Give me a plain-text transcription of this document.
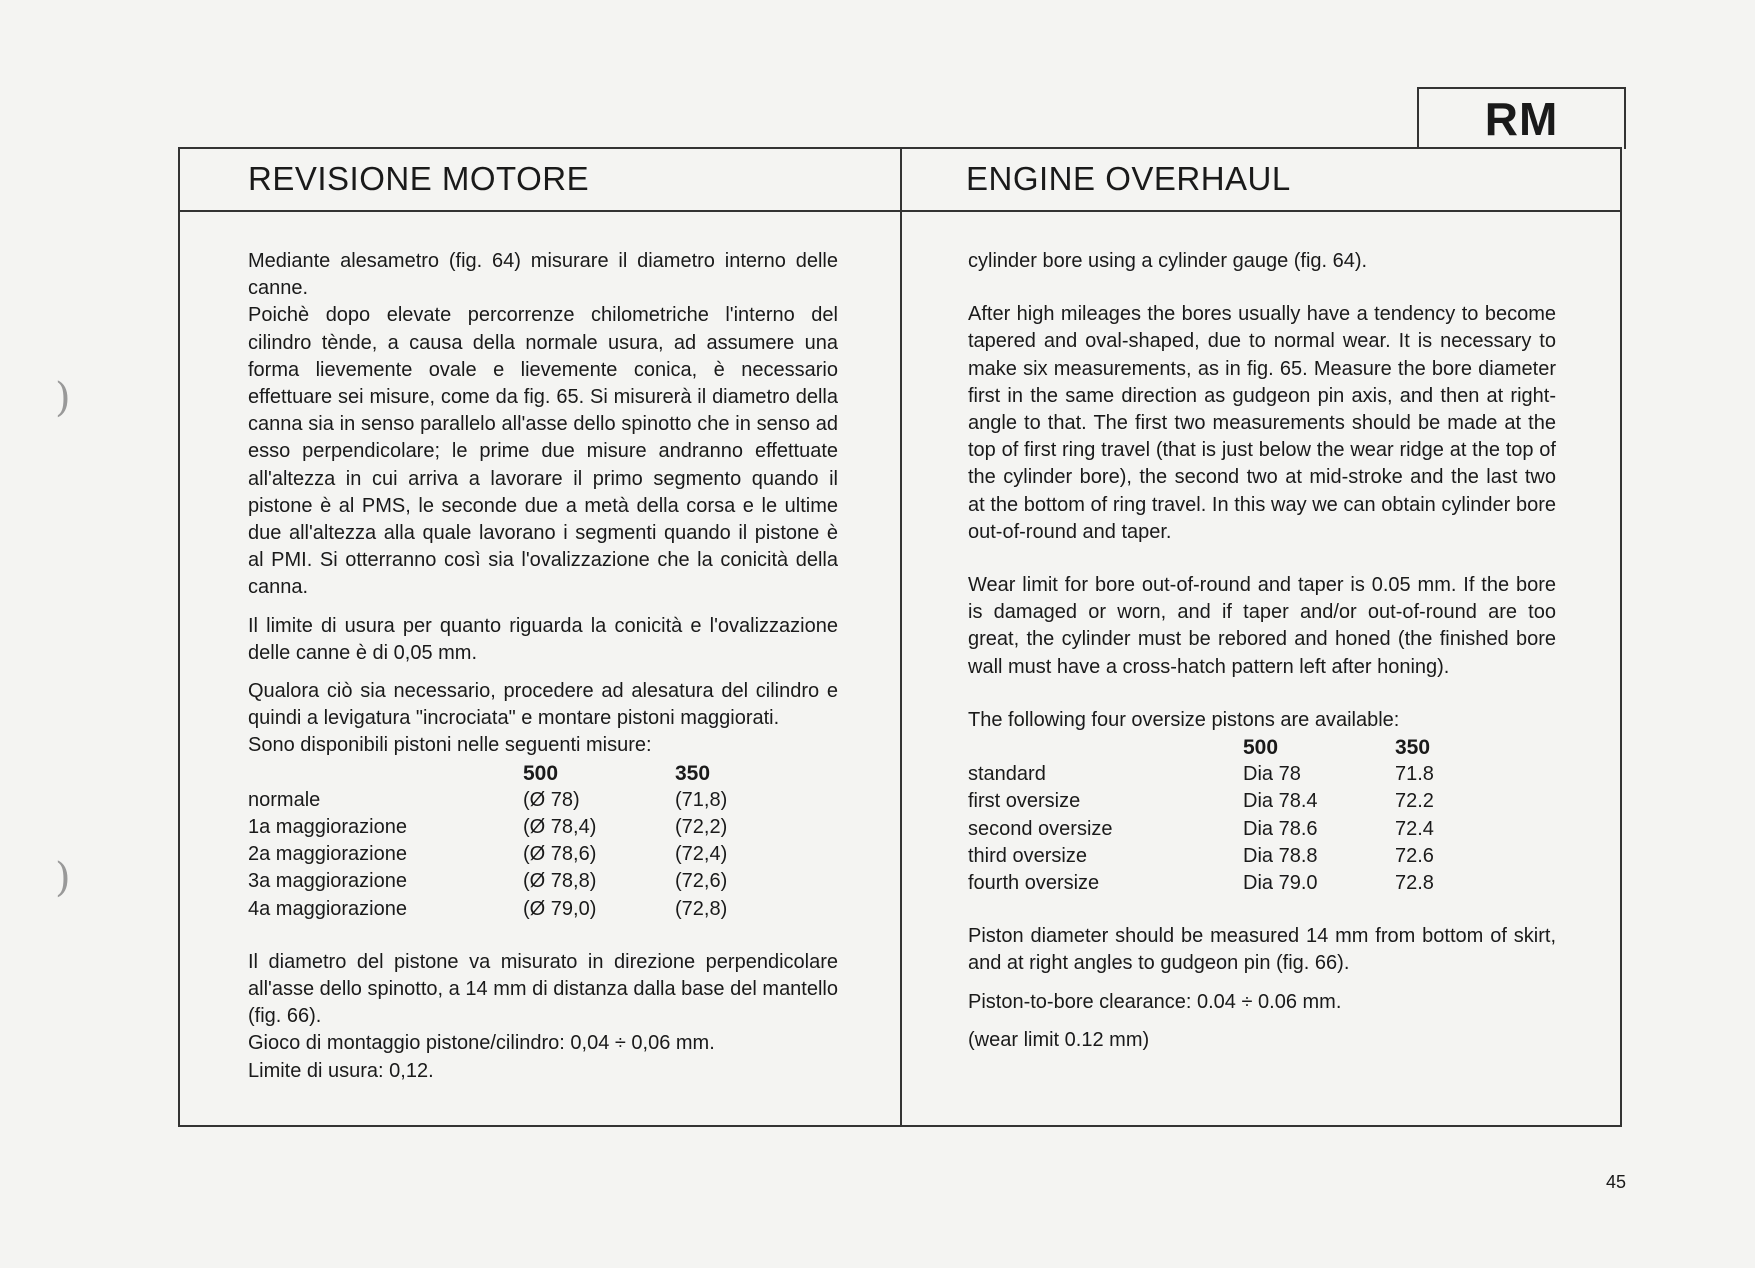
)
)
RM
REVISIONE MOTORE	ENGINE OVERHAUL

Mediante alesametro (fig. 64) misurare il diametro interno delle canne.

Poichè dopo elevate percorrenze chilometriche l'interno del cilindro tènde, a causa della normale usura, ad assumere una forma lievemente ovale e lievemente conica, è necessario effettuare sei misure, come da fig. 65. Si misurerà il diametro della canna sia in senso parallelo all'asse dello spinotto che in senso ad esso perpendicolare; le prime due misure andranno effettuate all'altezza in cui arriva a lavorare il primo segmento quando il pistone è al PMS, le seconde due a metà della corsa e le ultime due all'altezza alla quale lavorano i segmenti quando il pistone è al PMI. Si otterranno così sia l'ovalizzazione che la conicità della canna.

Il limite di usura per quanto riguarda la conicità e l'ovalizzazione delle canne è di 0,05 mm.

Qualora ciò sia necessario, procedere ad alesatura del cilindro e quindi a levigatura "incrociata" e montare pistoni maggiorati.

Sono disponibili pistoni nelle seguenti misure:

	500	350
normale	(Ø 78)	(71,8)
1a maggiorazione	(Ø 78,4)	(72,2)
2a maggiorazione	(Ø 78,6)	(72,4)
3a maggiorazione	(Ø 78,8)	(72,6)
4a maggiorazione	(Ø 79,0)	(72,8)

Il diametro del pistone va misurato in direzione perpendicolare all'asse dello spinotto, a 14 mm di distanza dalla base del mantello (fig. 66).

Gioco di montaggio pistone/cilindro: 0,04 ÷ 0,06 mm.

Limite di usura: 0,12.

cylinder bore using a cylinder gauge (fig. 64).

After high mileages the bores usually have a tendency to become tapered and oval-shaped, due to normal wear. It is necessary to make six measurements, as in fig. 65. Measure the bore diameter first in the same direction as gudgeon pin axis, and then at right-angle to that. The first two measurements should be made at the top of first ring travel (that is just below the wear ridge at the top of the cylinder bore), the second two at mid-stroke and the last two at the bottom of ring travel. In this way we can obtain cylinder bore out-of-round and taper.

Wear limit for bore out-of-round and taper is 0.05 mm. If the bore is damaged or worn, and if taper and/or out-of-round are too great, the cylinder must be rebored and honed (the finished bore wall must have a cross-hatch pattern left after honing).

The following four oversize pistons are available:

	500	350
standard	Dia 78	71.8
first oversize	Dia 78.4	72.2
second oversize	Dia 78.6	72.4
third oversize	Dia 78.8	72.6
fourth oversize	Dia 79.0	72.8

Piston diameter should be measured 14 mm from bottom of skirt, and at right angles to gudgeon pin (fig. 66).

Piston-to-bore clearance: 0.04 ÷ 0.06 mm.

(wear limit 0.12 mm)

45
